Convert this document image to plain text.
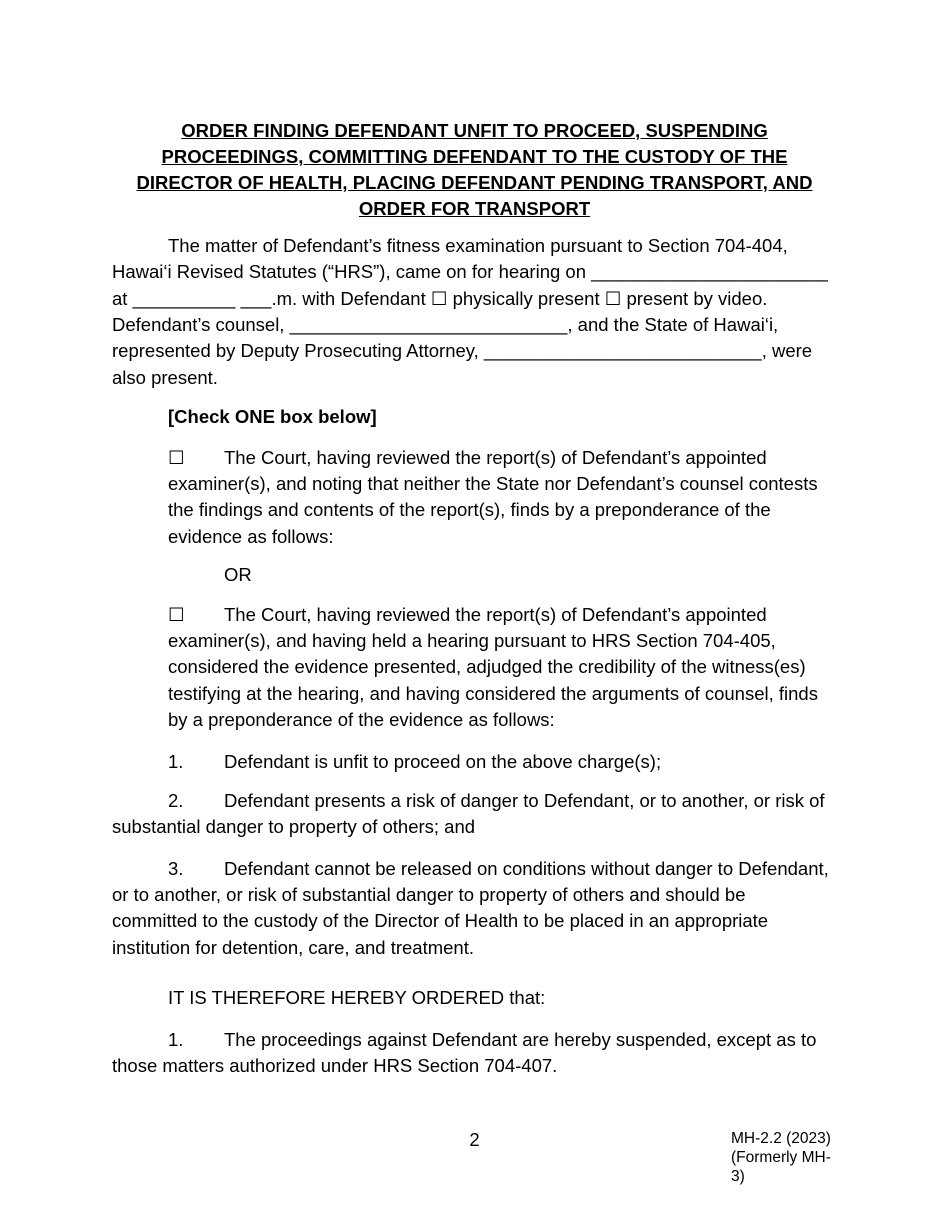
ORDER FINDING DEFENDANT UNFIT TO PROCEED, SUSPENDING
PROCEEDINGS, COMMITTING DEFENDANT TO THE CUSTODY OF THE
DIRECTOR OF HEALTH, PLACING DEFENDANT PENDING TRANSPORT, AND
ORDER FOR TRANSPORT
The matter of Defendant’s fitness examination pursuant to Section 704-404,
Hawai‘i Revised Statutes (“HRS”), came on for hearing on _______________________
at __________ ___.m. with Defendant ☐ physically present ☐ present by video.
Defendant’s counsel, ___________________________, and the State of Hawai‘i,
represented by Deputy Prosecuting Attorney, ___________________________, were
also present.
[Check ONE box below]
☐ The Court, having reviewed the report(s) of Defendant’s appointed
examiner(s), and noting that neither the State nor Defendant’s counsel contests
the findings and contents of the report(s), finds by a preponderance of the
evidence as follows:
OR
☐ The Court, having reviewed the report(s) of Defendant’s appointed
examiner(s), and having held a hearing pursuant to HRS Section 704-405,
considered the evidence presented, adjudged the credibility of the witness(es)
testifying at the hearing, and having considered the arguments of counsel, finds
by a preponderance of the evidence as follows:
1. Defendant is unfit to proceed on the above charge(s);
2. Defendant presents a risk of danger to Defendant, or to another, or risk of
substantial danger to property of others; and
3. Defendant cannot be released on conditions without danger to Defendant,
or to another, or risk of substantial danger to property of others and should be
committed to the custody of the Director of Health to be placed in an appropriate
institution for detention, care, and treatment.
IT IS THEREFORE HEREBY ORDERED that:
1. The proceedings against Defendant are hereby suspended, except as to
those matters authorized under HRS Section 704-407.
2	MH-2.2 (2023)
(Formerly MH-3)
